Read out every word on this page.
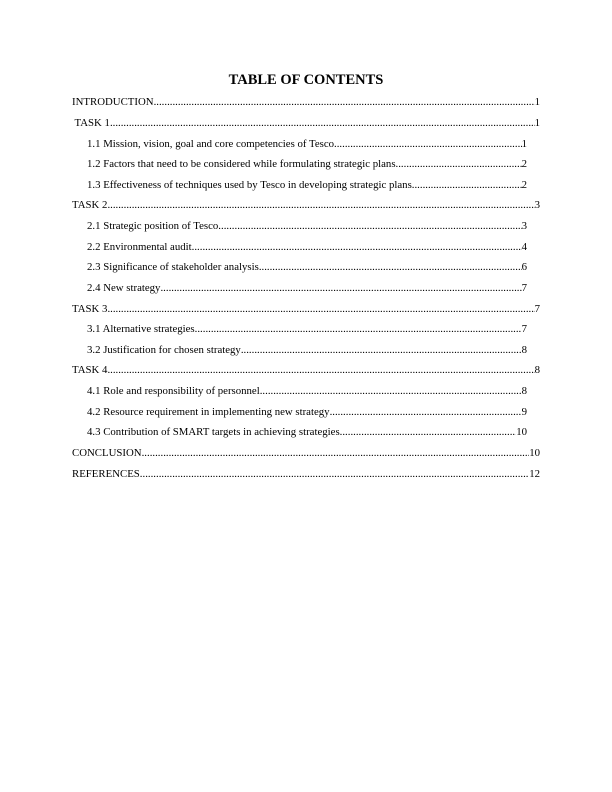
TABLE OF CONTENTS
INTRODUCTION .....	1
TASK 1 .....	1
1.1 Mission, vision, goal and core competencies of Tesco .....	1
1.2 Factors that need to be considered while formulating strategic plans .....	2
1.3 Effectiveness of techniques used by Tesco in developing strategic plans .....	2
TASK 2 .....	3
2.1 Strategic position of Tesco .....	3
2.2 Environmental audit .....	4
2.3 Significance of stakeholder analysis .....	6
2.4 New strategy .....	7
TASK 3 .....	7
3.1 Alternative strategies .....	7
3.2 Justification for chosen strategy .....	8
TASK 4 .....	8
4.1 Role and responsibility of personnel .....	8
4.2 Resource requirement in implementing new strategy .....	9
4.3 Contribution of SMART targets in achieving strategies .....	10
CONCLUSION .....	10
REFERENCES .....	12
